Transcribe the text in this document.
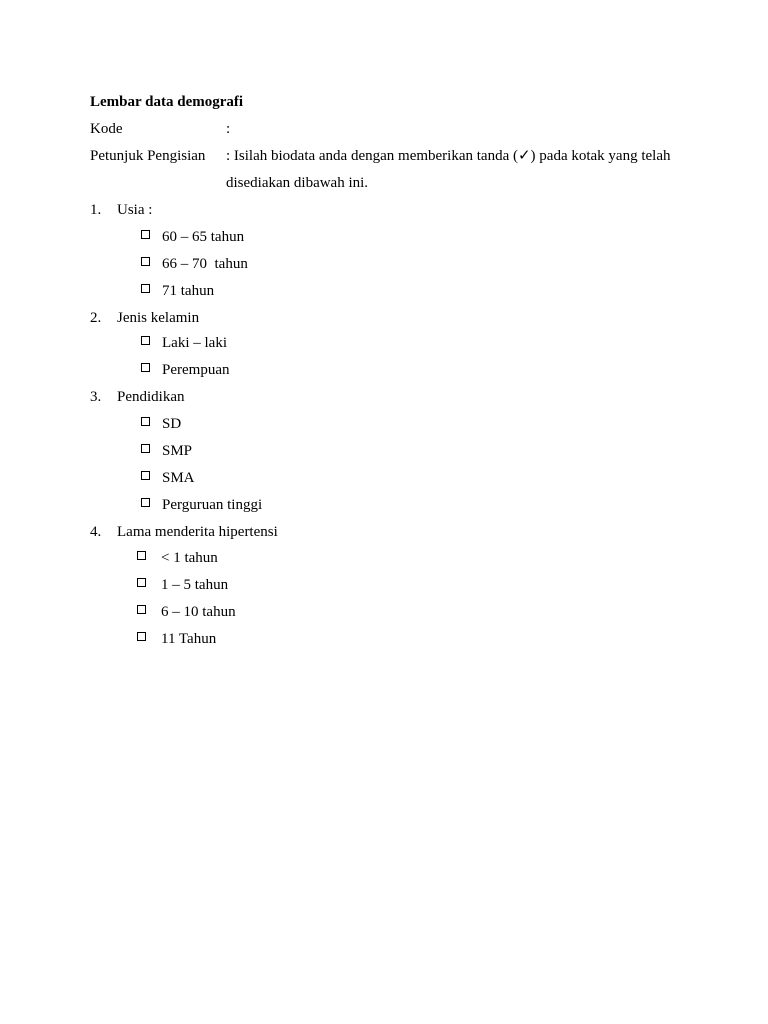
Lembar data demografi
Kode	:
Petunjuk Pengisian : Isilah biodata anda dengan memberikan tanda (✓) pada kotak yang telah
disediakan dibawah ini.
1. Usia :
60 – 65 tahun
66 – 70  tahun
71 tahun
2. Jenis kelamin
Laki – laki
Perempuan
3. Pendidikan
SD
SMP
SMA
Perguruan tinggi
4. Lama menderita hipertensi
< 1 tahun
1 – 5 tahun
6 – 10 tahun
11 Tahun
